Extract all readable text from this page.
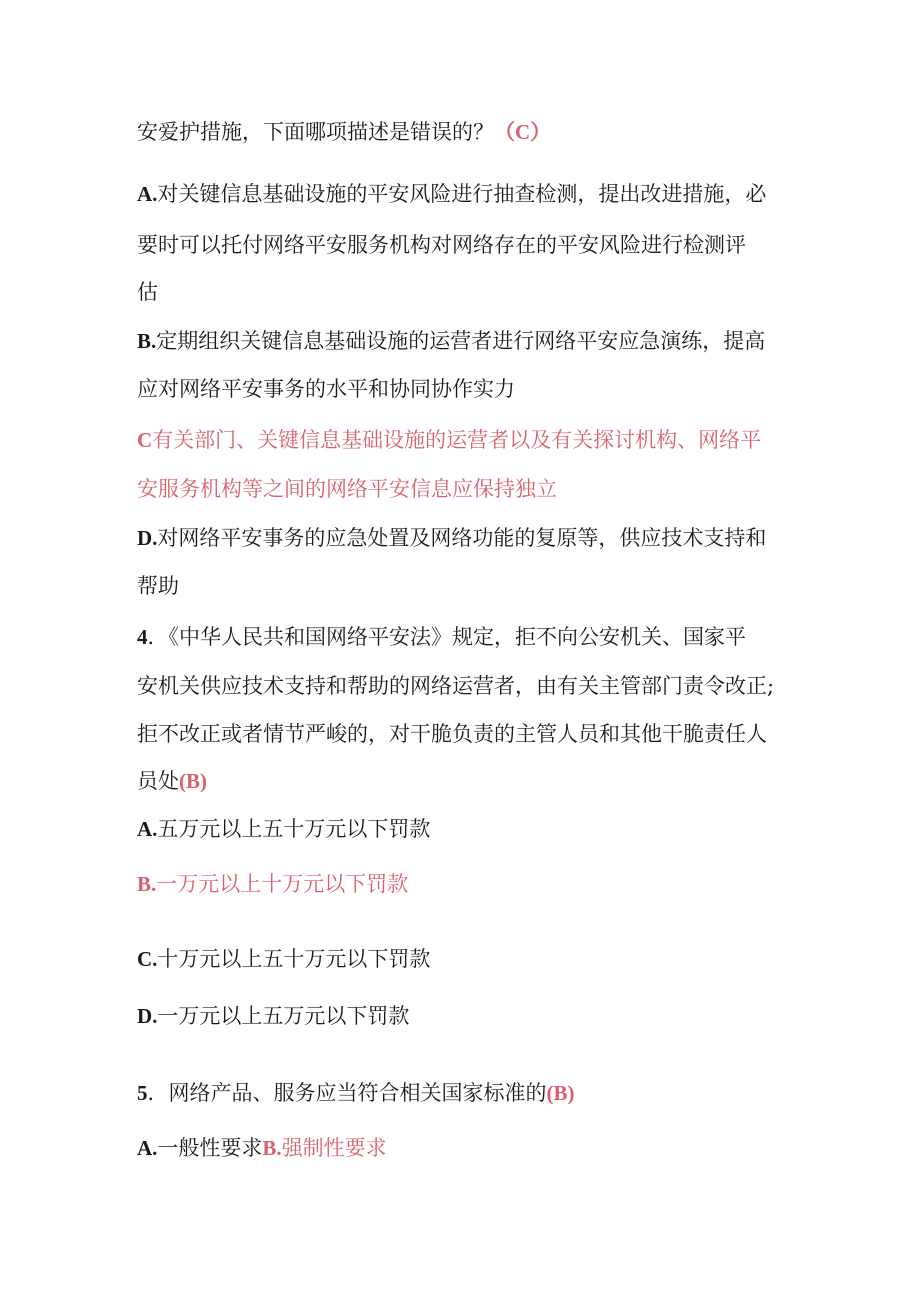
安爱护措施，下面哪项描述是错误的？（C）
A.对关键信息基础设施的平安风险进行抽查检测，提出改进措施，必
要时可以托付网络平安服务机构对网络存在的平安风险进行检测评
估
B.定期组织关键信息基础设施的运营者进行网络平安应急演练，提高
应对网络平安事务的水平和协同协作实力
C有关部门、关键信息基础设施的运营者以及有关探讨机构、网络平
安服务机构等之间的网络平安信息应保持独立
D.对网络平安事务的应急处置及网络功能的复原等，供应技术支持和
帮助
4．《中华人民共和国网络平安法》规定，拒不向公安机关、国家平
安机关供应技术支持和帮助的网络运营者，由有关主管部门责令改正;
拒不改正或者情节严峻的，对干脆负责的主管人员和其他干脆责任人
员处(B)
A.五万元以上五十万元以下罚款
B.一万元以上十万元以下罚款
C.十万元以上五十万元以下罚款
D.一万元以上五万元以下罚款
5．网络产品、服务应当符合相关国家标准的(B)
A.一般性要求B.强制性要求
